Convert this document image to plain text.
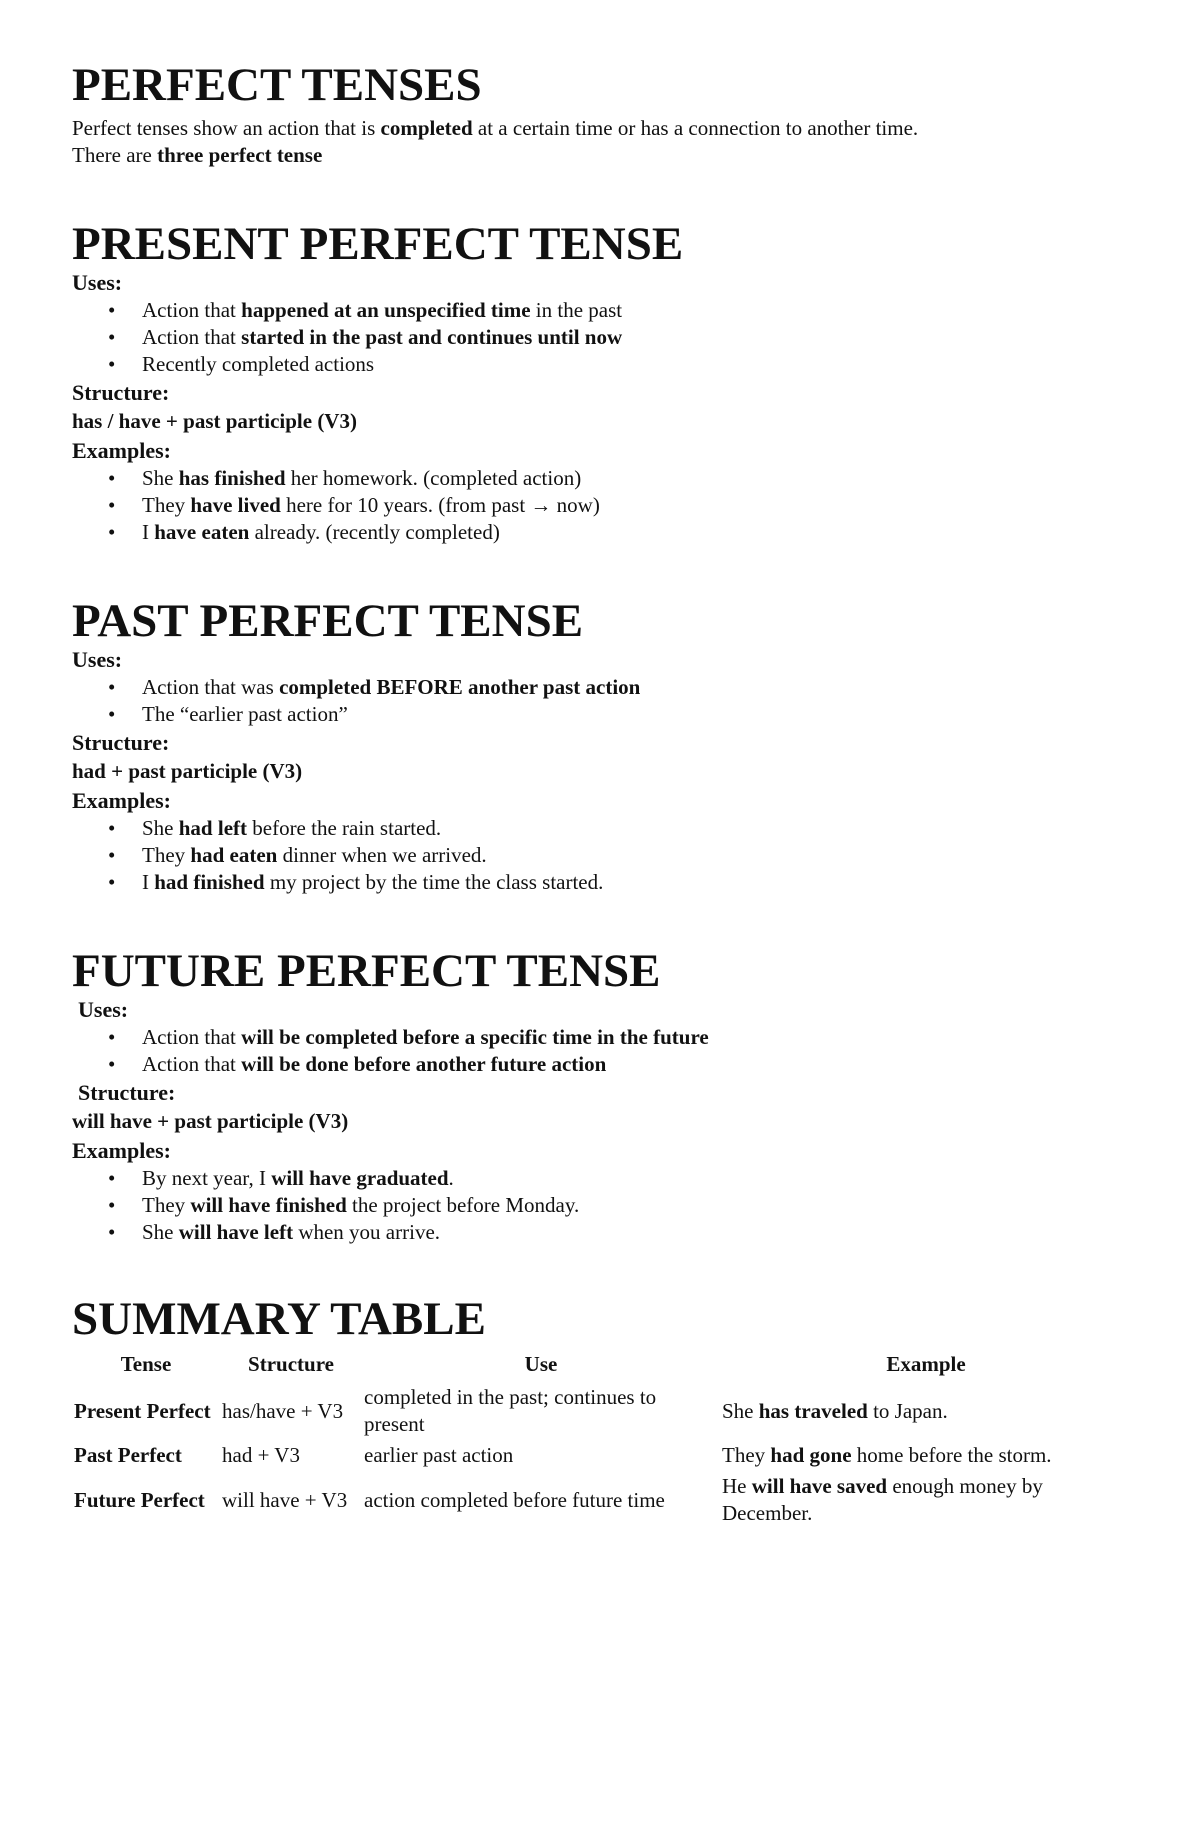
PERFECT TENSES
Perfect tenses show an action that is completed at a certain time or has a connection to another time.
There are three perfect tense
PRESENT PERFECT TENSE
Uses:
• Action that happened at an unspecified time in the past
• Action that started in the past and continues until now
• Recently completed actions
Structure:
has / have + past participle (V3)
Examples:
• She has finished her homework. (completed action)
• They have lived here for 10 years. (from past → now)
• I have eaten already. (recently completed)
PAST PERFECT TENSE
Uses:
• Action that was completed BEFORE another past action
• The “earlier past action”
Structure:
had + past participle (V3)
Examples:
• She had left before the rain started.
• They had eaten dinner when we arrived.
• I had finished my project by the time the class started.
FUTURE PERFECT TENSE
Uses:
• Action that will be completed before a specific time in the future
• Action that will be done before another future action
Structure:
will have + past participle (V3)
Examples:
• By next year, I will have graduated.
• They will have finished the project before Monday.
• She will have left when you arrive.
SUMMARY TABLE
Tense	Structure	Use	Example
Present Perfect	has/have + V3	completed in the past; continues to present	She has traveled to Japan.
Past Perfect	had + V3	earlier past action	They had gone home before the storm.
Future Perfect	will have + V3	action completed before future time	He will have saved enough money by December.
